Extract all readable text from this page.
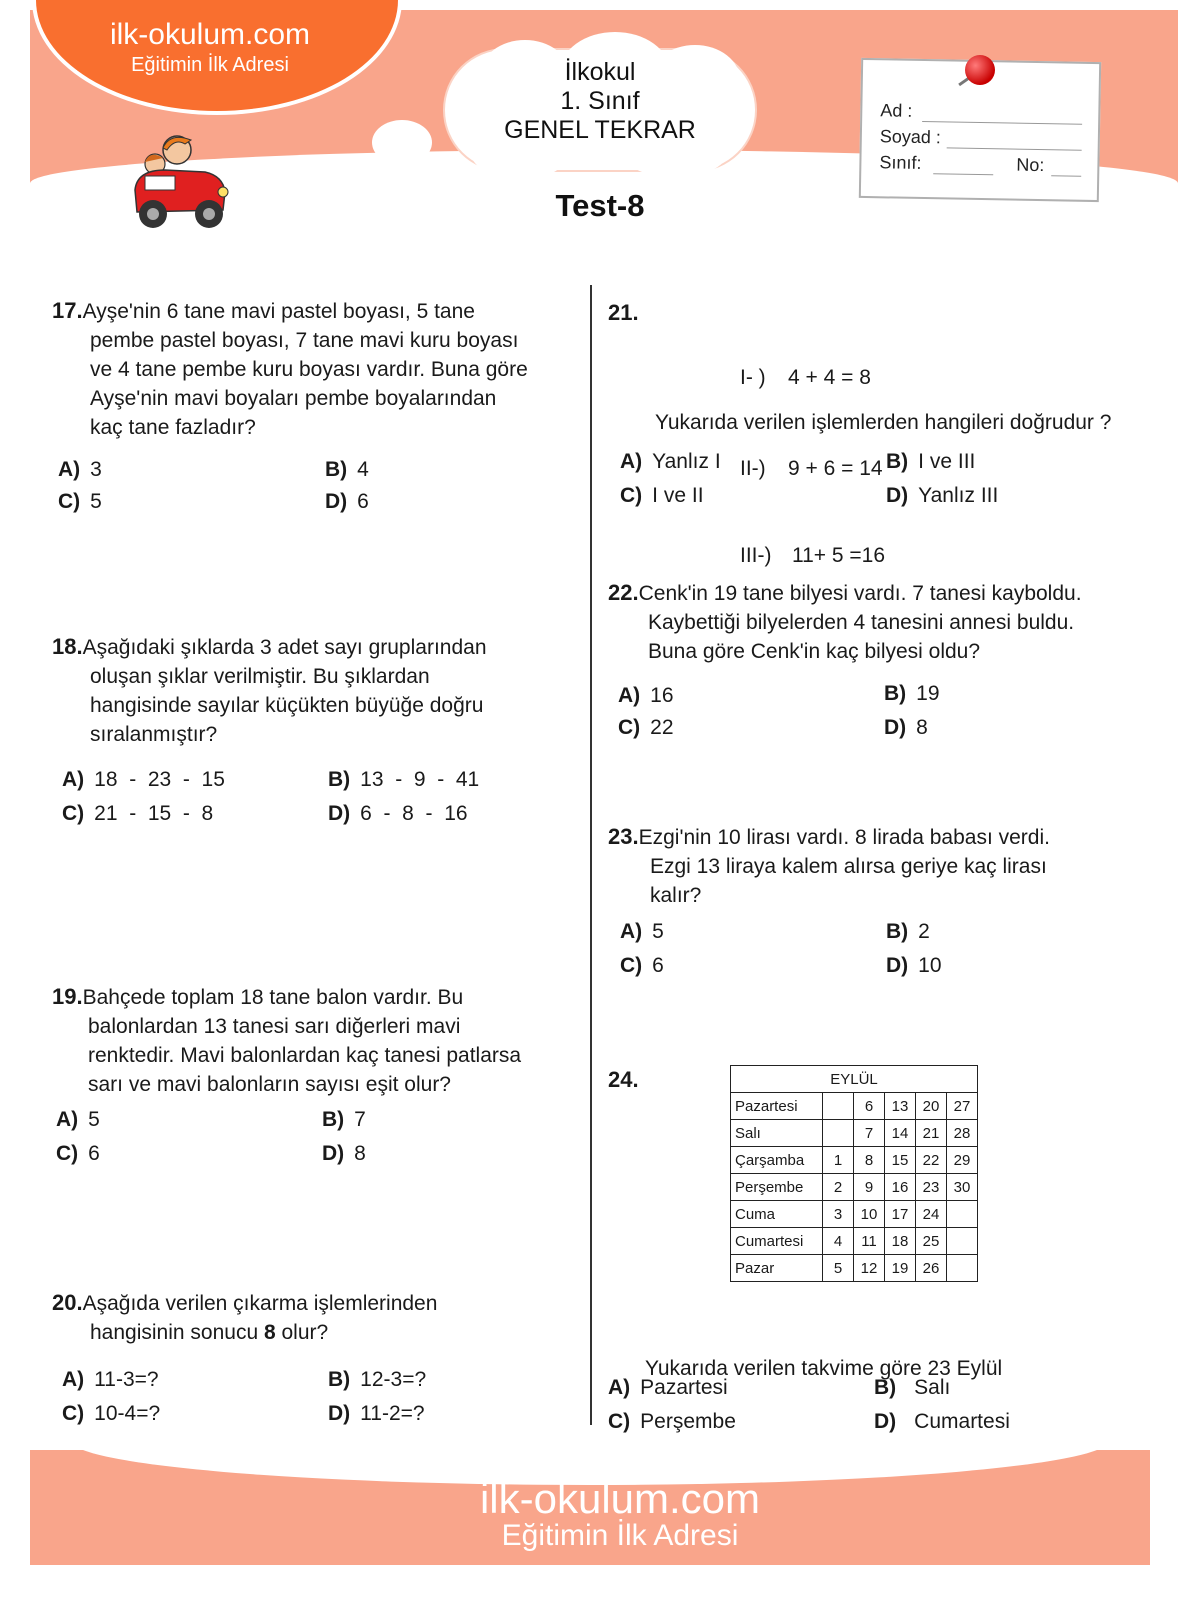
ilk-okulum.com
Eğitimin İlk Adresi	İlkokul
1. Sınıf
GENEL TEKRAR
Test-8
Ad :
Soyad :
Sınıf:	No:
17.Ayşe'nin 6 tane mavi pastel boyası, 5 tane
pembe pastel boyası, 7 tane mavi kuru boyası
ve 4 tane pembe kuru boyası vardır. Buna göre
Ayşe'nin mavi boyaları pembe boyalarından
kaç tane fazladır?
A) 3	B) 4
C) 5	D) 6
18.Aşağıdaki şıklarda 3 adet sayı gruplarından
oluşan şıklar verilmiştir. Bu şıklardan
hangisinde sayılar küçükten büyüğe doğru
sıralanmıştır?
A) 18  -  23  -  15	B) 13  -  9  -  41
C) 21  -  15  -  8	D) 6  -  8  -  16
19.Bahçede toplam 18 tane balon vardır. Bu
balonlardan 13 tanesi sarı diğerleri mavi
renktedir. Mavi balonlardan kaç tanesi patlarsa
sarı ve mavi balonların sayısı eşit olur?
A) 5	B) 7
C) 6	D) 8
20.Aşağıda verilen çıkarma işlemlerinden
hangisinin sonucu 8 olur?
A) 11-3=?	B) 12-3=?
C) 10-4=?	D) 11-2=?
21.

I- ) 4 + 4 = 8

II-) 9 + 6 = 14

III-) 11+ 5 =16

Yukarıda verilen işlemlerden hangileri doğrudur ?
A) Yanlız I	B) I ve III
C) I ve II	D) Yanlız III
22.Cenk'in 19 tane bilyesi vardı. 7 tanesi kayboldu.
Kaybettiği bilyelerden 4 tanesini annesi buldu.
Buna göre Cenk'in kaç bilyesi oldu?
A) 16	B) 19
C) 22	D) 8
23.Ezgi'nin 10 lirası vardı. 8 lirada babası verdi.
Ezgi 13 liraya kalem alırsa geriye kaç lirası
kalır?
A) 5	B) 2
C) 6	D) 10
24.	EYLÜL					
Pazartesi		6	13	20	27
Salı		7	14	21	28
Çarşamba	1	8	15	22	29
Perşembe	2	9	16	23	30
Cuma	3	10	17	24	
Cumartesi	4	11	18	25	
Pazar	5	12	19	26	

Yukarıda verilen takvime göre 23 Eylül

A) Pazartesi	B) Salı
C) Perşembe	D) Cumartesi
ilk-okulum.com
Eğitimin İlk Adresi
